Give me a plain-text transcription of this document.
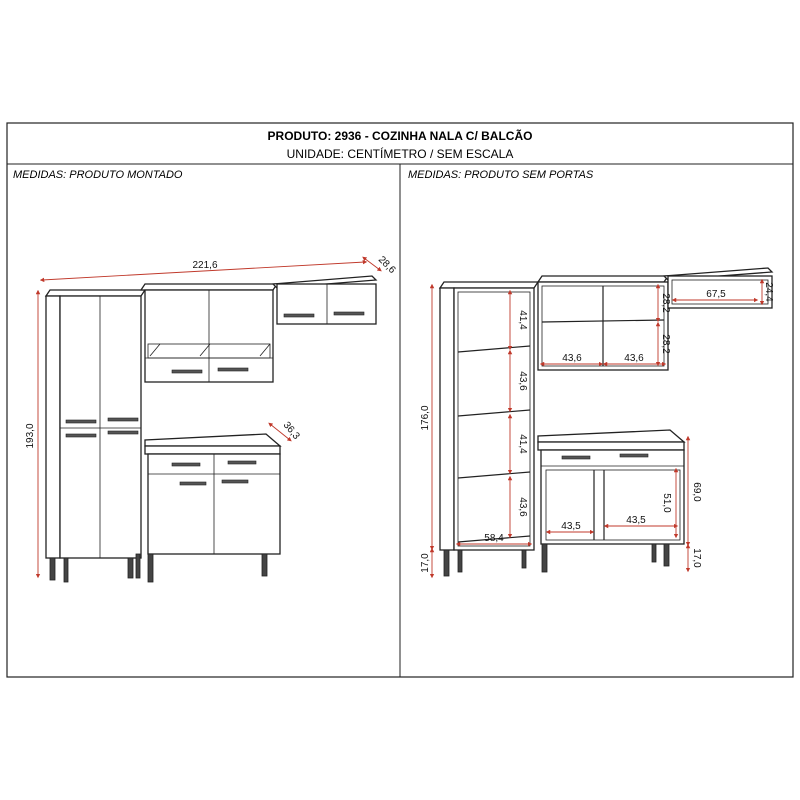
PRODUTO: 2936 - COZINHA NALA C/ BALCÃO
UNIDADE: CENTÍMETRO / SEM ESCALA
MEDIDAS: PRODUTO MONTADO	MEDIDAS: PRODUTO SEM PORTAS
221,6	28,6
193,0	36,3
176,0
17,0
41,4
43,6
41,4
43,6
58,4
43,6	43,6
28,2
28,2
67,5	24,4
69,0
51,0
43,5
43,5
17,0
